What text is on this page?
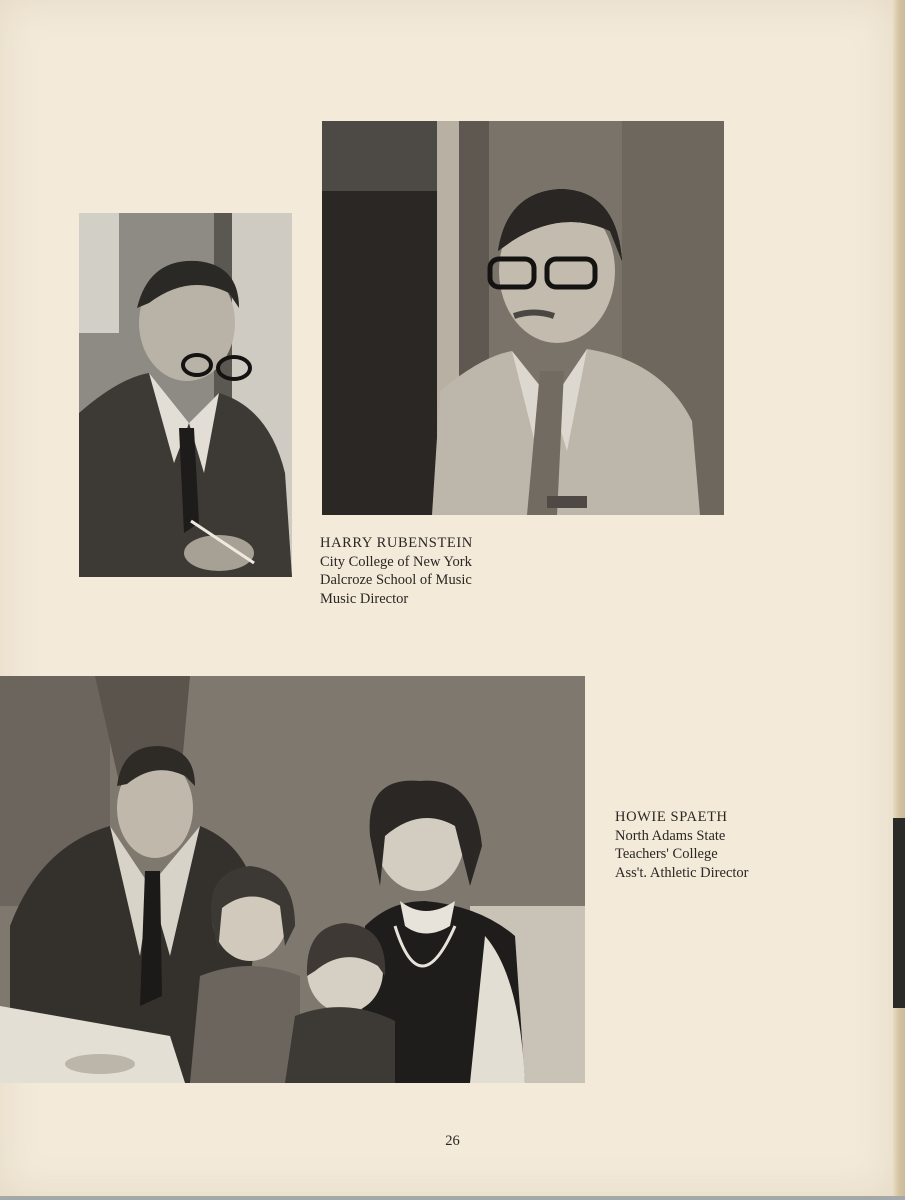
HARRY RUBENSTEIN
City College of New York
Dalcroze School of Music
Music Director
HOWIE SPAETH
North Adams State
Teachers' College
Ass't. Athletic Director
26
